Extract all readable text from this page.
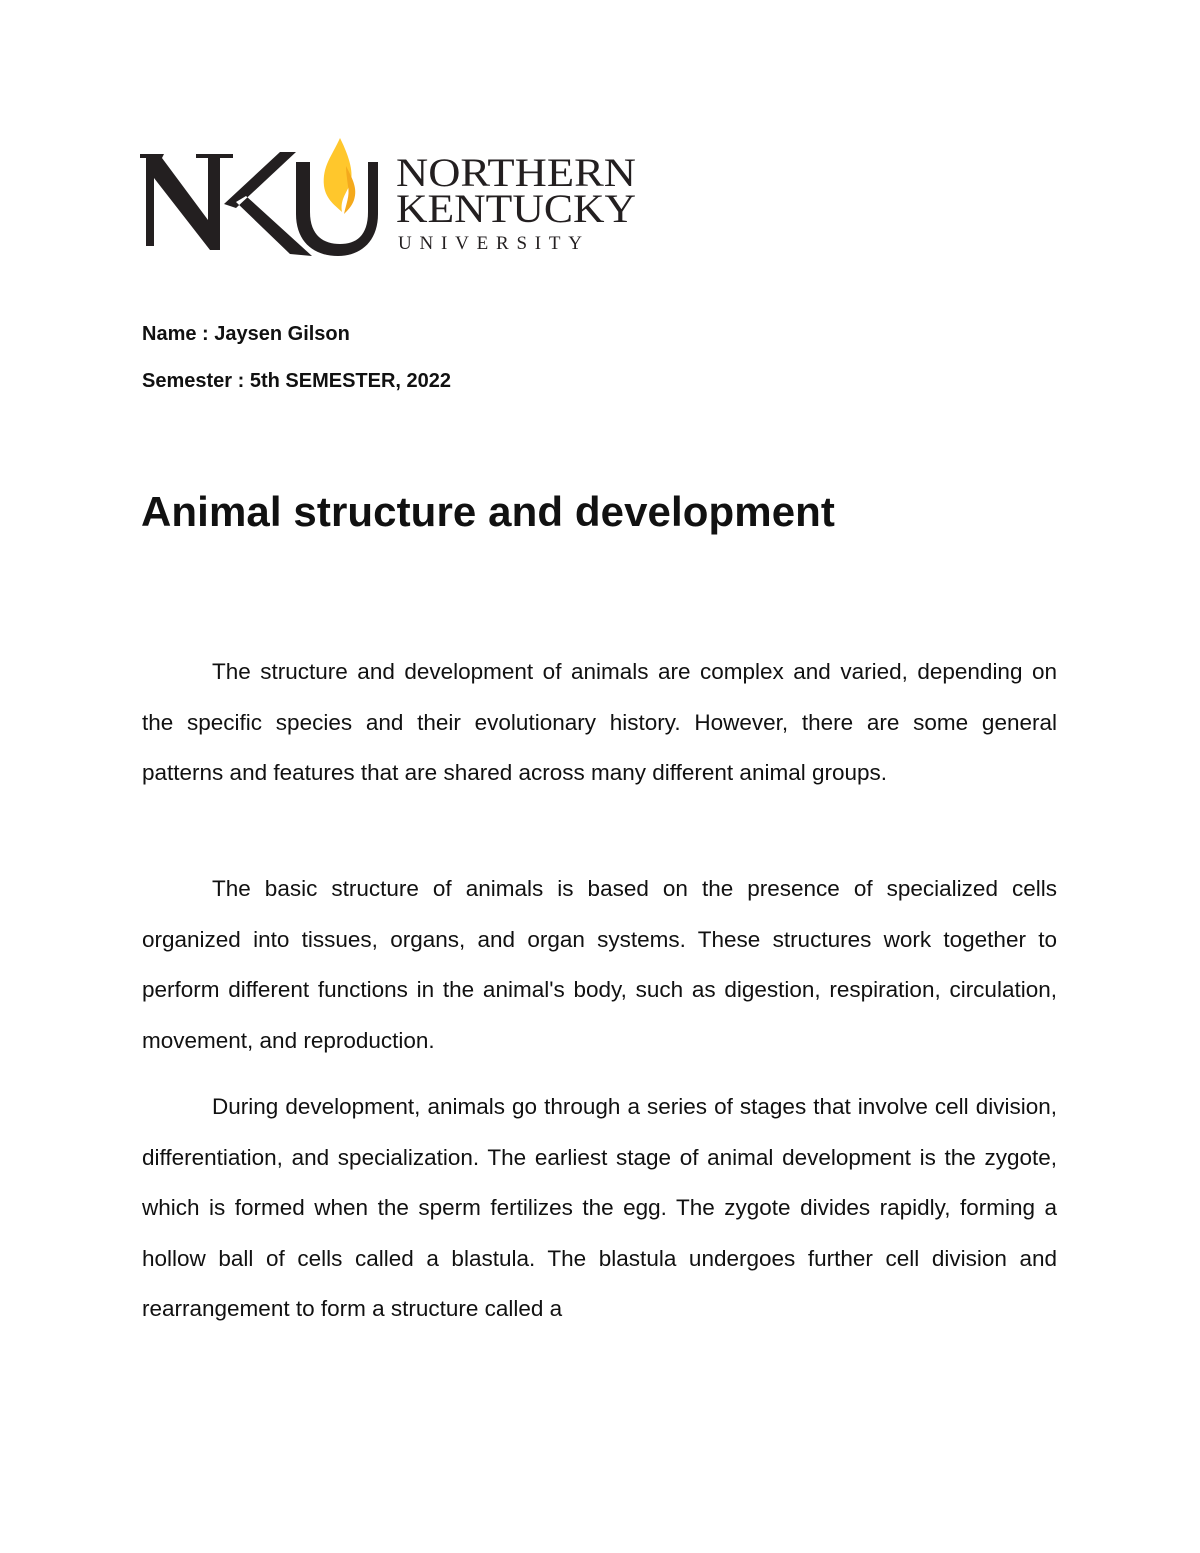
NORTHERN
KENTUCKY
UNIVERSITY
Name : Jaysen Gilson
Semester : 5th SEMESTER, 2022
Animal structure and development

The structure and development of animals are complex and varied, depending on the specific species and their evolutionary history. However, there are some general patterns and features that are shared across many different animal groups.

The basic structure of animals is based on the presence of specialized cells organized into tissues, organs, and organ systems. These structures work together to perform different functions in the animal's body, such as digestion, respiration, circulation, movement, and reproduction.

During development, animals go through a series of stages that involve cell division, differentiation, and specialization. The earliest stage of animal development is the zygote, which is formed when the sperm fertilizes the egg. The zygote divides rapidly, forming a hollow ball of cells called a blastula. The blastula undergoes further cell division and rearrangement to form a structure called a
